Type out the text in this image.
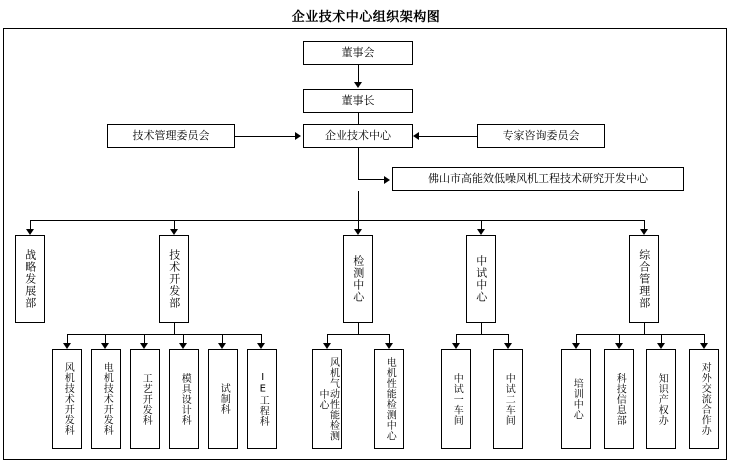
企业技术中心组织架构图
董事会
董事长
技术管理委员会	企业技术中心	专家咨询委员会
佛山市高能效低噪风机工程技术研究开发中心
战略发展部	技术开发部	检测中心	中试中心	综合管理部
风机技术开发科	电机技术开发科	工艺开发科	模具设计科	试制科	IE工程科	风机气动性能检测中心	电机性能检测中心	中试一车间	中试二车间	培训中心	科技信息部	知识产权办	对外交流合作办
